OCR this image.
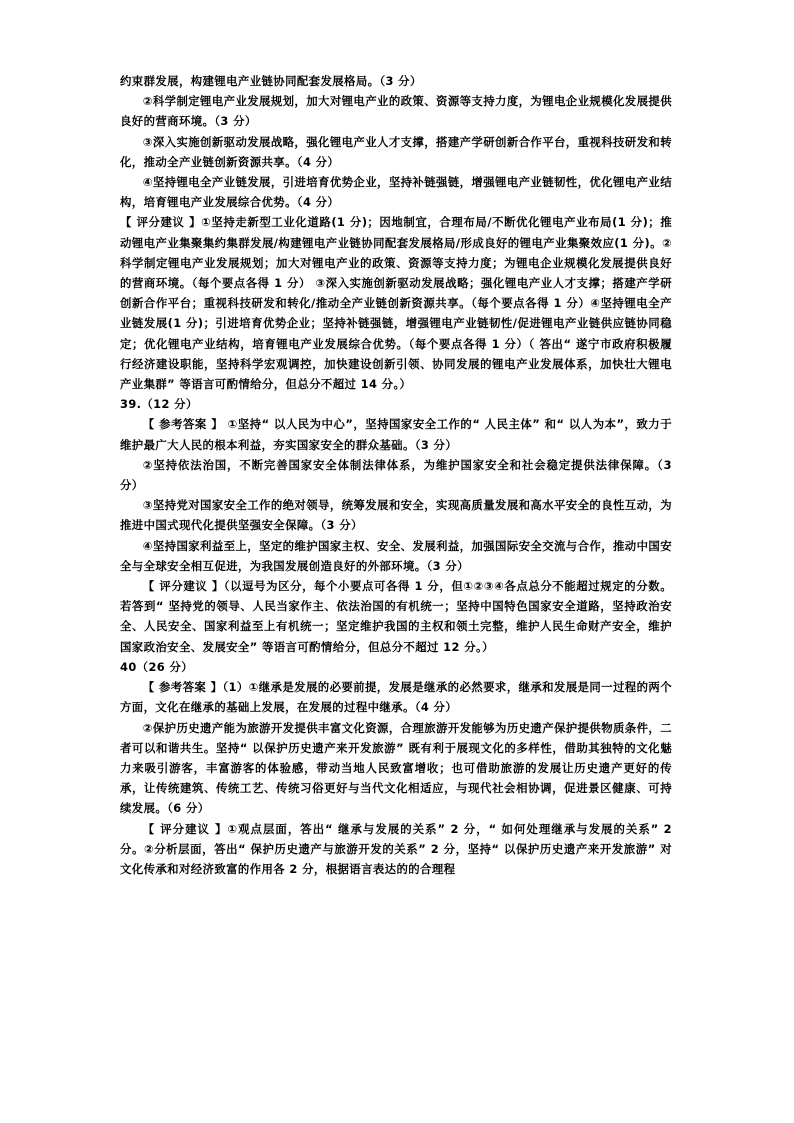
约束群发展，构建锂电产业链协同配套发展格局。（3 分）

②科学制定锂电产业发展规划，加大对锂电产业的政策、资源等支持力度，为锂电企业规模化发展提供良好的营商环境。（3 分）

③深入实施创新驱动发展战略，强化锂电产业人才支撑，搭建产学研创新合作平台，重视科技研发和转化，推动全产业链创新资源共享。（4 分）

④坚持锂电全产业链发展，引进培育优势企业，坚持补链强链，增强锂电产业链韧性，优化锂电产业结构，培育锂电产业发展综合优势。（4 分）

【 评分建议 】①坚持走新型工业化道路(1 分)；因地制宜，合理布局/不断优化锂电产业布局(1 分)；推动锂电产业集聚集约集群发展/构建锂电产业链协同配套发展格局/形成良好的锂电产业集聚效应(1 分)。②科学制定锂电产业发展规划；加大对锂电产业的政策、资源等支持力度；为锂电企业规模化发展提供良好的营商环境。（每个要点各得 1 分） ③深入实施创新驱动发展战略；强化锂电产业人才支撑；搭建产学研创新合作平台；重视科技研发和转化/推动全产业链创新资源共享。（每个要点各得 1 分）④坚持锂电全产业链发展(1 分)；引进培育优势企业；坚持补链强链，增强锂电产业链韧性/促进锂电产业链供应链协同稳定；优化锂电产业结构，培育锂电产业发展综合优势。（每个要点各得 1 分）（ 答出“ 遂宁市政府积极履行经济建设职能，坚持科学宏观调控，加快建设创新引领、协同发展的锂电产业发展体系，加快壮大锂电产业集群” 等语言可酌情给分，但总分不超过 14 分。）

39.（12 分）

【 参考答案 】 ①坚持“ 以人民为中心”，坚持国家安全工作的“ 人民主体” 和“ 以人为本”，致力于维护最广大人民的根本利益，夯实国家安全的群众基础。（3 分）

②坚持依法治国，不断完善国家安全体制法律体系，为维护国家安全和社会稳定提供法律保障。（3 分）

③坚持党对国家安全工作的绝对领导，统筹发展和安全，实现高质量发展和高水平安全的良性互动，为推进中国式现代化提供坚强安全保障。（3 分）

④坚持国家利益至上，坚定的维护国家主权、安全、发展利益，加强国际安全交流与合作，推动中国安全与全球安全相互促进，为我国发展创造良好的外部环境。（3 分）

【 评分建议 】（以逗号为区分，每个小要点可各得 1 分，但①②③④各点总分不能超过规定的分数。若答到“ 坚持党的领导、人民当家作主、依法治国的有机统一；坚持中国特色国家安全道路，坚持政治安全、人民安全、国家利益至上有机统一；坚定维护我国的主权和领土完整，维护人民生命财产安全，维护国家政治安全、发展安全” 等语言可酌情给分，但总分不超过 12 分。）

40（26 分）

【 参考答案 】（1）①继承是发展的必要前提，发展是继承的必然要求，继承和发展是同一过程的两个方面，文化在继承的基础上发展，在发展的过程中继承。（4 分）

②保护历史遗产能为旅游开发提供丰富文化资源，合理旅游开发能够为历史遗产保护提供物质条件，二者可以和谐共生。坚持“ 以保护历史遗产来开发旅游” 既有利于展现文化的多样性，借助其独特的文化魅力来吸引游客，丰富游客的体验感，带动当地人民致富增收；也可借助旅游的发展让历史遗产更好的传承，让传统建筑、传统工艺、传统习俗更好与当代文化相适应，与现代社会相协调，促进景区健康、可持续发展。（6 分）

【 评分建议 】①观点层面，答出“ 继承与发展的关系” 2 分，“ 如何处理继承与发展的关系” 2 分。②分析层面，答出“ 保护历史遗产与旅游开发的关系” 2 分，坚持“ 以保护历史遗产来开发旅游” 对文化传承和对经济致富的作用各 2 分，根据语言表达的的合理程
